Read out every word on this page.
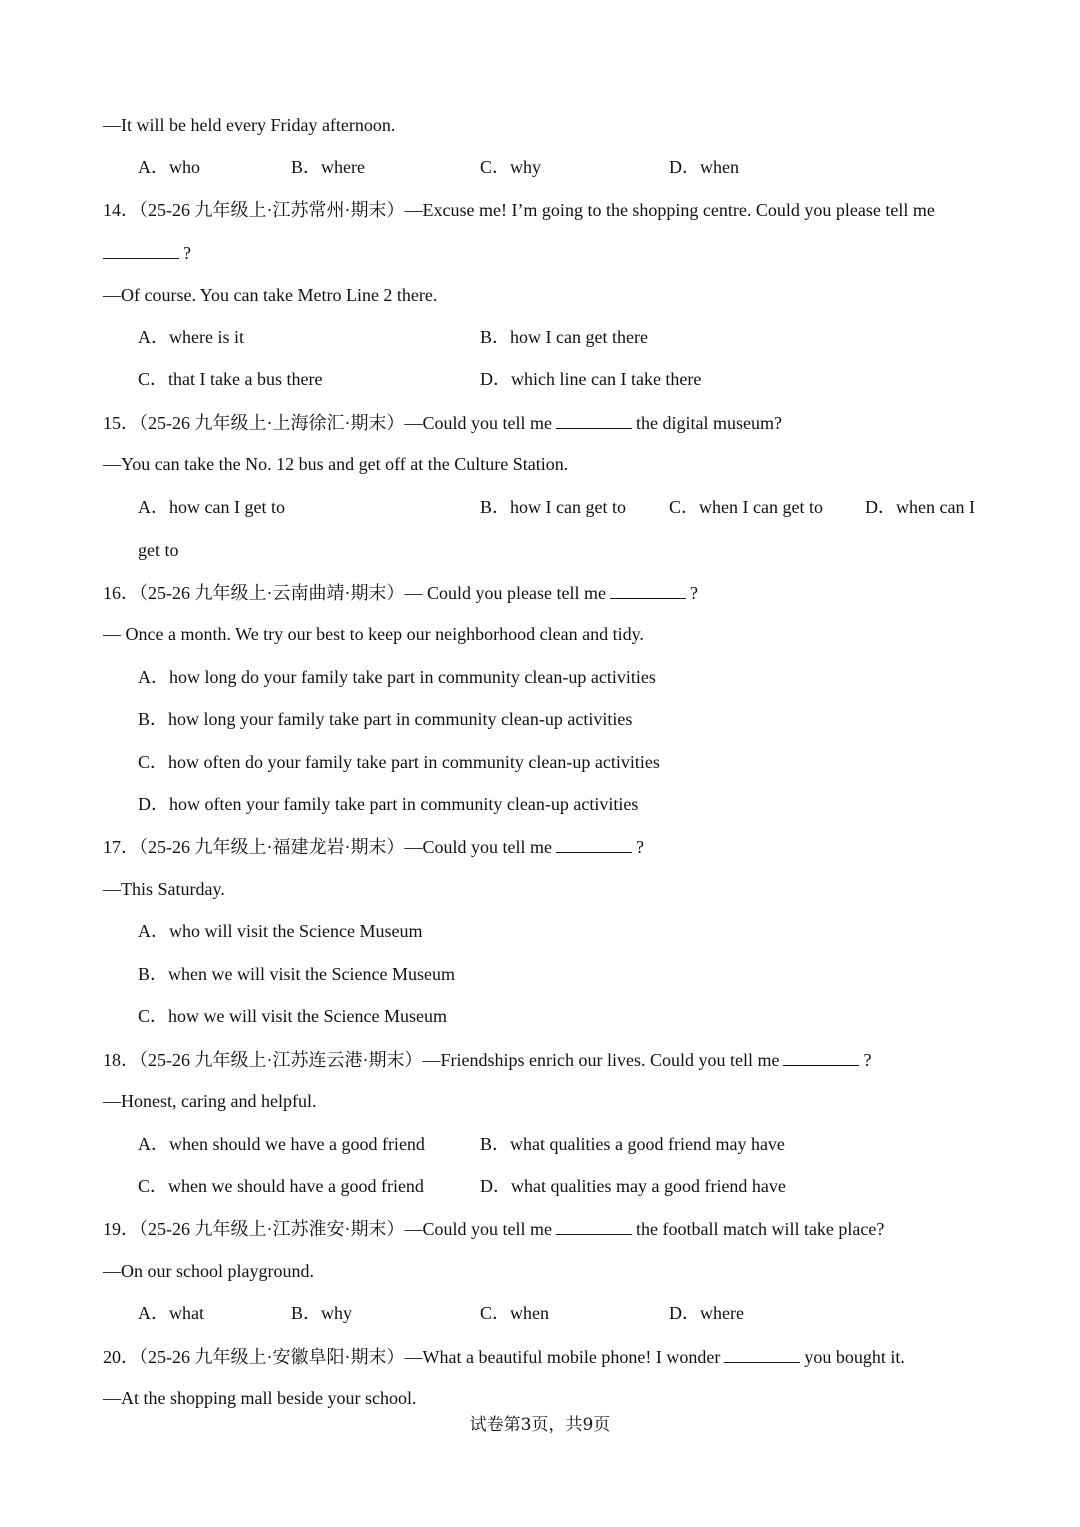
—It will be held every Friday afternoon.
A．who	B．where	C．why	D．when
14．（25-26 九年级上·江苏常州·期末）—Excuse me! I’m going to the shopping centre. Could you please tell me
?
—Of course. You can take Metro Line 2 there.
A．where is it	B．how I can get there
C．that I take a bus there	D．which line can I take there
15．（25-26 九年级上·上海徐汇·期末）—Could you tell me	the digital museum?
—You can take the No. 12 bus and get off at the Culture Station.
A．how can I get to	B．how I can get to C．when I can get to D．when can I
get to
16．（25-26 九年级上·云南曲靖·期末）— Could you please tell me	?
— Once a month. We try our best to keep our neighborhood clean and tidy.
A．how long do your family take part in community clean-up activities
B．how long your family take part in community clean-up activities
C．how often do your family take part in community clean-up activities
D．how often your family take part in community clean-up activities
17．（25-26 九年级上·福建龙岩·期末）—Could you tell me	?
—This Saturday.
A．who will visit the Science Museum
B．when we will visit the Science Museum
C．how we will visit the Science Museum
18．（25-26 九年级上·江苏连云港·期末）—Friendships enrich our lives. Could you tell me	?
—Honest, caring and helpful.
A．when should we have a good friend	B．what qualities a good friend may have
C．when we should have a good friend	D．what qualities may a good friend have
19．（25-26 九年级上·江苏淮安·期末）—Could you tell me	the football match will take place?
—On our school playground.
A．what	B．why	C．when	D．where
20．（25-26 九年级上·安徽阜阳·期末）—What a beautiful mobile phone! I wonder	you bought it.
—At the shopping mall beside your school.
试卷第3页，共9页
